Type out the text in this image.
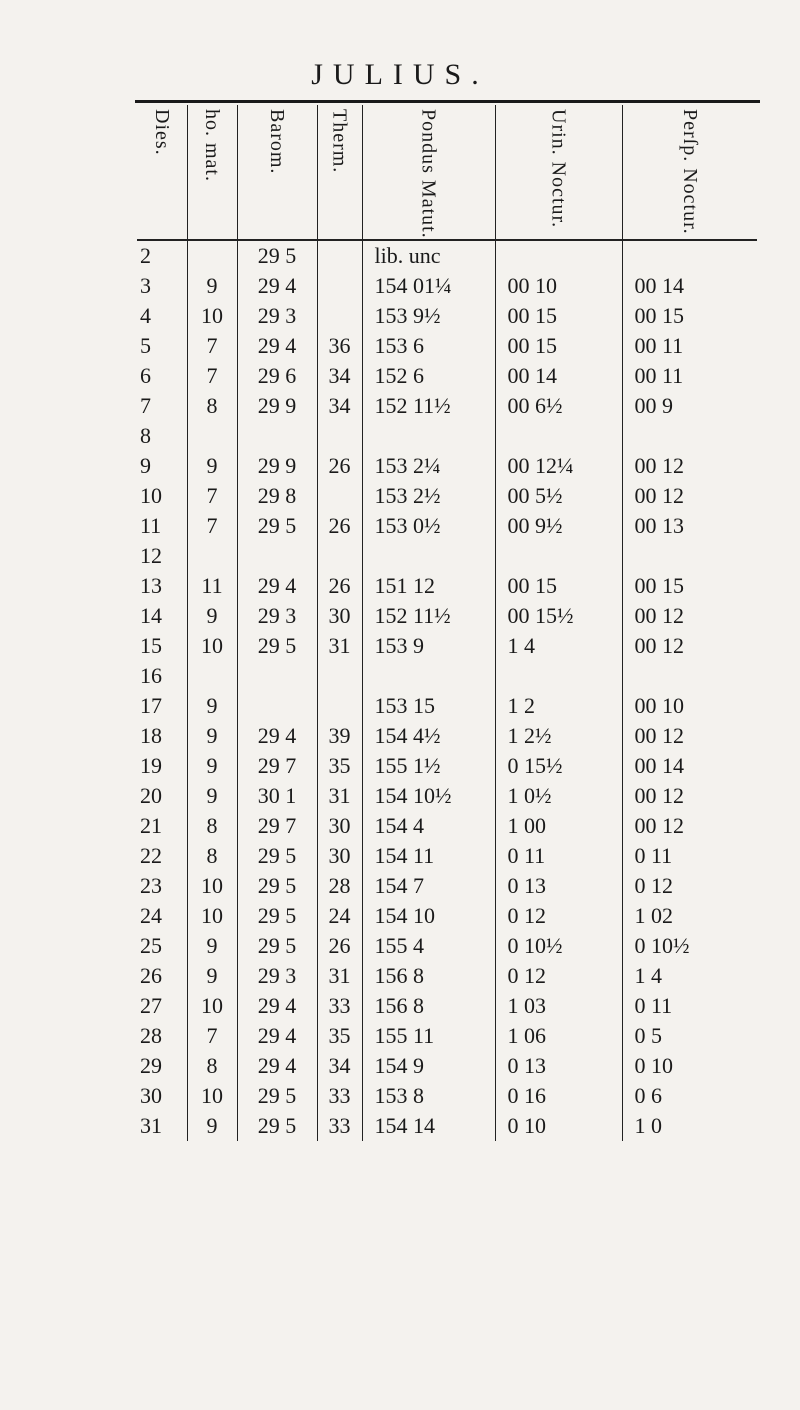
JULIUS.
Dies.	ho. mat.	Barom.	Therm.	Pondus Matut.	Urin. Noctur.	Perſp. Noctur.

2		29 5		lib. unc		
3	9	29 4		154 01¼	00 10	00 14
4	10	29 3		153 9½	00 15	00 15
5	7	29 4	36	153 6	00 15	00 11
6	7	29 6	34	152 6	00 14	00 11
7	8	29 9	34	152 11½	00 6½	00 9
8						
9	9	29 9	26	153 2¼	00 12¼	00 12
10	7	29 8		153 2½	00 5½	00 12
11	7	29 5	26	153 0½	00 9½	00 13
12						
13	11	29 4	26	151 12	00 15	00 15
14	9	29 3	30	152 11½	00 15½	00 12
15	10	29 5	31	153 9	1 4	00 12
16						
17	9			153 15	1 2	00 10
18	9	29 4	39	154 4½	1 2½	00 12
19	9	29 7	35	155 1½	0 15½	00 14
20	9	30 1	31	154 10½	1 0½	00 12
21	8	29 7	30	154 4	1 00	00 12
22	8	29 5	30	154 11	0 11	0 11
23	10	29 5	28	154 7	0 13	0 12
24	10	29 5	24	154 10	0 12	1 02
25	9	29 5	26	155 4	0 10½	0 10½
26	9	29 3	31	156 8	0 12	1 4
27	10	29 4	33	156 8	1 03	0 11
28	7	29 4	35	155 11	1 06	0 5
29	8	29 4	34	154 9	0 13	0 10
30	10	29 5	33	153 8	0 16	0 6
31	9	29 5	33	154 14	0 10	1 0
